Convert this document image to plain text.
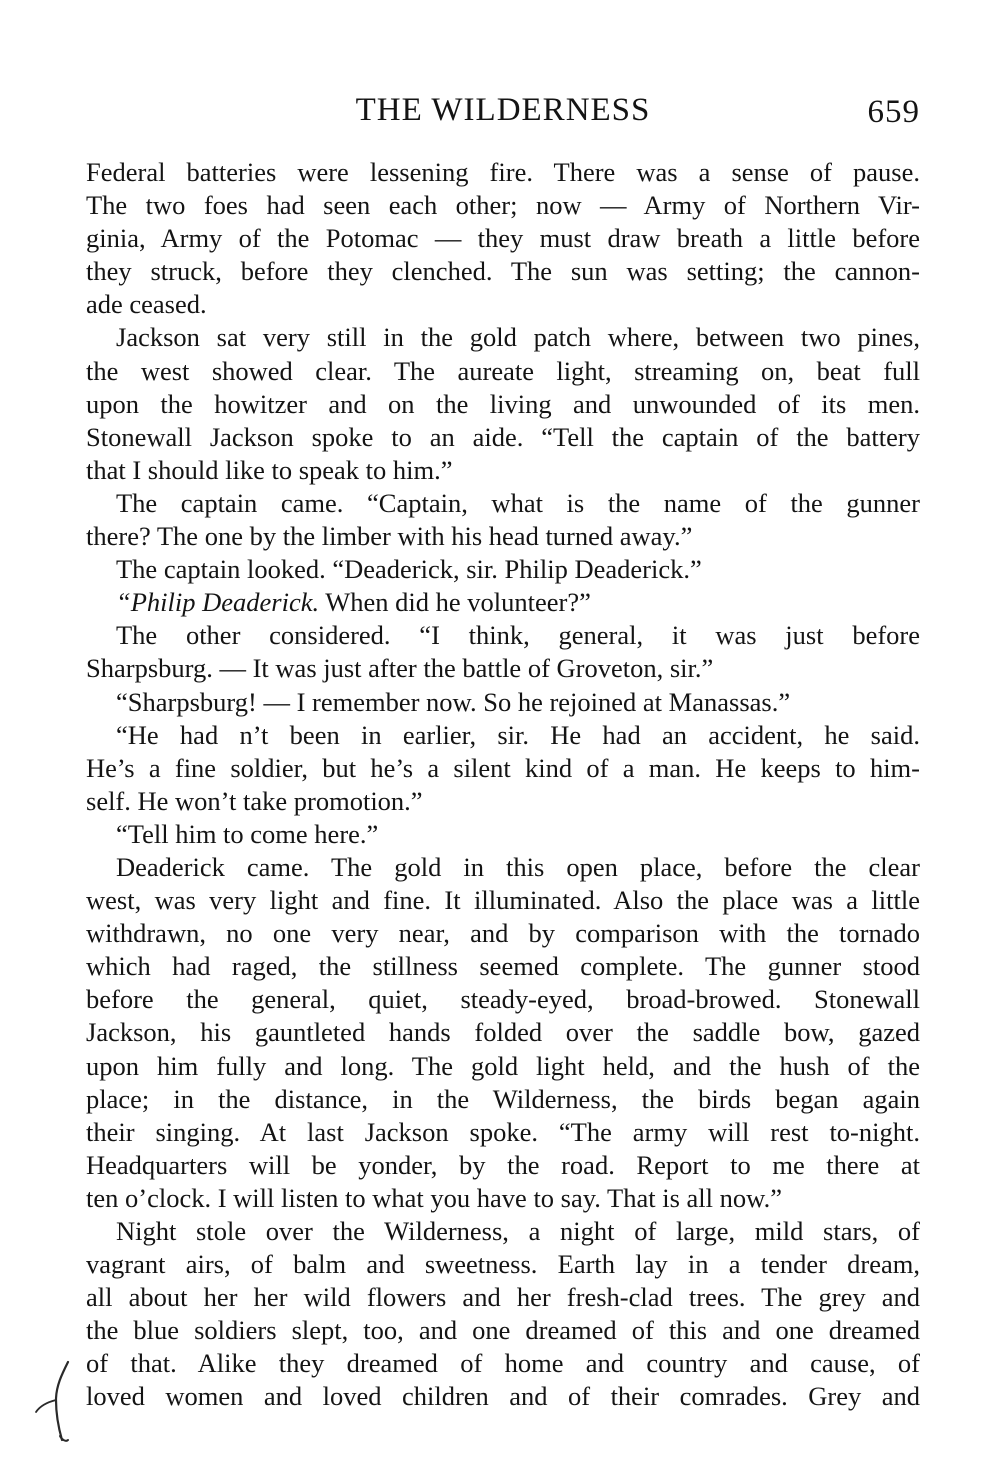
THE WILDERNESS	659
Federal batteries were lessening fire. There was a sense of pause.
The two foes had seen each other; now — Army of Northern Vir-
ginia, Army of the Potomac — they must draw breath a little before
they struck, before they clenched. The sun was setting; the cannon-
ade ceased.
Jackson sat very still in the gold patch where, between two pines,
the west showed clear. The aureate light, streaming on, beat full
upon the howitzer and on the living and unwounded of its men.
Stonewall Jackson spoke to an aide. “Tell the captain of the battery
that I should like to speak to him.”
The captain came. “Captain, what is the name of the gunner
there? The one by the limber with his head turned away.”
The captain looked. “Deaderick, sir. Philip Deaderick.”
“Philip Deaderick. When did he volunteer?”
The other considered. “I think, general, it was just before
Sharpsburg. — It was just after the battle of Groveton, sir.”
“Sharpsburg! — I remember now. So he rejoined at Manassas.”
“He had n’t been in earlier, sir. He had an accident, he said.
He’s a fine soldier, but he’s a silent kind of a man. He keeps to him-
self. He won’t take promotion.”
“Tell him to come here.”
Deaderick came. The gold in this open place, before the clear
west, was very light and fine. It illuminated. Also the place was a little
withdrawn, no one very near, and by comparison with the tornado
which had raged, the stillness seemed complete. The gunner stood
before the general, quiet, steady-eyed, broad-browed. Stonewall
Jackson, his gauntleted hands folded over the saddle bow, gazed
upon him fully and long. The gold light held, and the hush of the
place; in the distance, in the Wilderness, the birds began again
their singing. At last Jackson spoke. “The army will rest to-night.
Headquarters will be yonder, by the road. Report to me there at
ten o’clock. I will listen to what you have to say. That is all now.”
Night stole over the Wilderness, a night of large, mild stars, of
vagrant airs, of balm and sweetness. Earth lay in a tender dream,
all about her her wild flowers and her fresh-clad trees. The grey and
the blue soldiers slept, too, and one dreamed of this and one dreamed
of that. Alike they dreamed of home and country and cause, of
loved women and loved children and of their comrades. Grey and
